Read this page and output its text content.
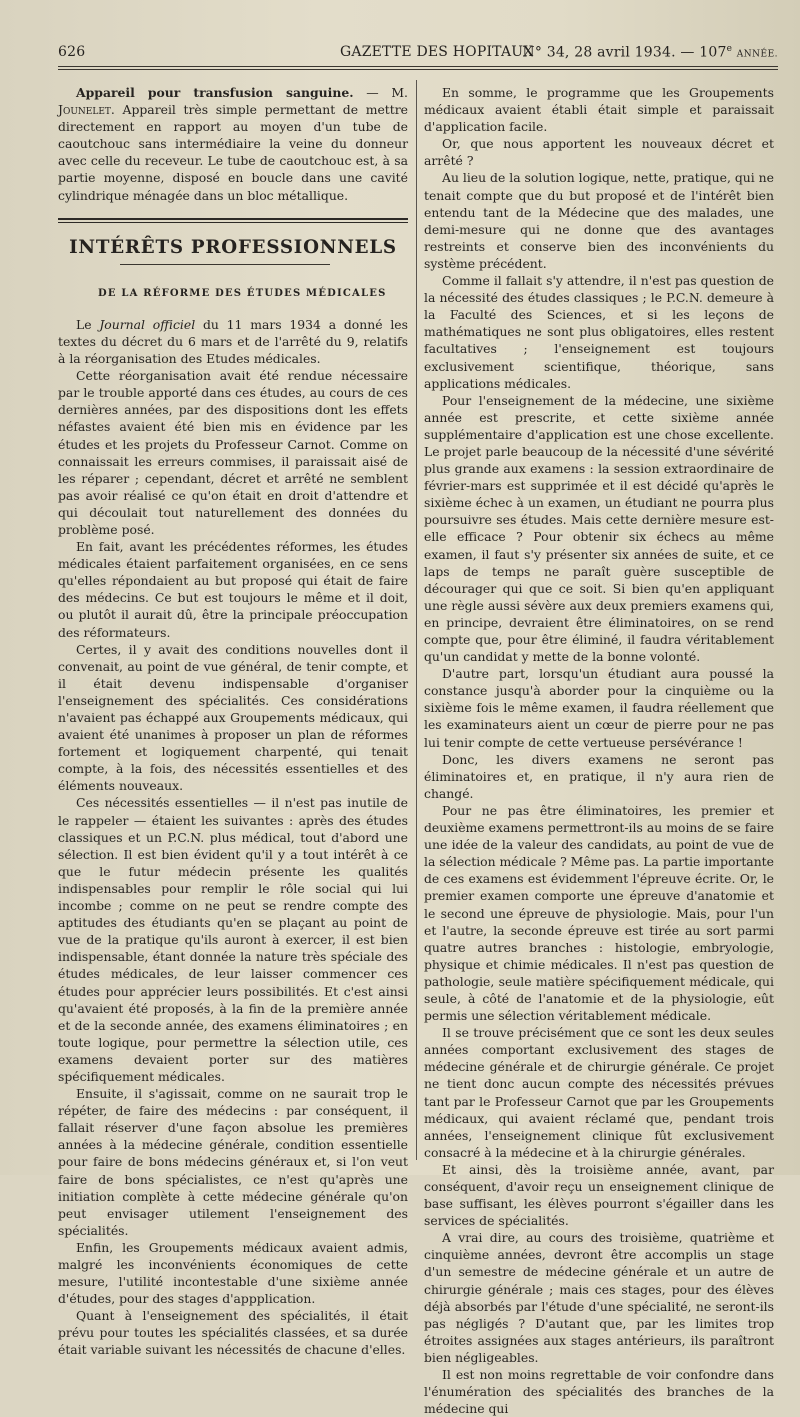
626	GAZETTE DES HOPITAUX
N° 34, 28 avril 1934. — 107e ANNÉE.

Appareil pour transfusion sanguine. — M. Jounelet. Appareil très simple permettant de mettre directement en rapport au moyen d'un tube de caoutchouc sans intermédiaire la veine du donneur avec celle du receveur. Le tube de caoutchouc est, à sa partie moyenne, disposé en boucle dans une cavité cylindrique ménagée dans un bloc métallique.

INTÉRÊTS PROFESSIONNELS
DE LA RÉFORME DES ÉTUDES MÉDICALES

Le Journal officiel du 11 mars 1934 a donné les textes du décret du 6 mars et de l'arrêté du 9, relatifs à la réorganisation des Etudes médicales.

Cette réorganisation avait été rendue nécessaire par le trouble apporté dans ces études, au cours de ces dernières années, par des dispositions dont les effets néfastes avaient été bien mis en évidence par les études et les projets du Professeur Carnot. Comme on connaissait les erreurs commises, il paraissait aisé de les réparer ; cependant, décret et arrêté ne semblent pas avoir réalisé ce qu'on était en droit d'attendre et qui découlait tout naturellement des données du problème posé.

En fait, avant les précédentes réformes, les études médicales étaient parfaitement organisées, en ce sens qu'elles répondaient au but proposé qui était de faire des médecins. Ce but est toujours le même et il doit, ou plutôt il aurait dû, être la principale préoccupation des réformateurs.

Certes, il y avait des conditions nouvelles dont il convenait, au point de vue général, de tenir compte, et il était devenu indispensable d'organiser l'enseignement des spécialités. Ces considérations n'avaient pas échappé aux Groupements médicaux, qui avaient été unanimes à proposer un plan de réformes fortement et logiquement charpenté, qui tenait compte, à la fois, des nécessités essentielles et des éléments nouveaux.

Ces nécessités essentielles — il n'est pas inutile de le rappeler — étaient les suivantes : après des études classiques et un P.C.N. plus médical, tout d'abord une sélection. Il est bien évident qu'il y a tout intérêt à ce que le futur médecin présente les qualités indispensables pour remplir le rôle social qui lui incombe ; comme on ne peut se rendre compte des aptitudes des étudiants qu'en se plaçant au point de vue de la pratique qu'ils auront à exercer, il est bien indispensable, étant donnée la nature très spéciale des études médicales, de leur laisser commencer ces études pour apprécier leurs possibilités. Et c'est ainsi qu'avaient été proposés, à la fin de la première année et de la seconde année, des examens éliminatoires ; en toute logique, pour permettre la sélection utile, ces examens devaient porter sur des matières spécifiquement médicales.

Ensuite, il s'agissait, comme on ne saurait trop le répéter, de faire des médecins : par conséquent, il fallait réserver d'une façon absolue les premières années à la médecine générale, condition essentielle pour faire de bons médecins généraux et, si l'on veut faire de bons spécialistes, ce n'est qu'après une initiation complète à cette médecine générale qu'on peut envisager utilement l'enseignement des spécialités.

Enfin, les Groupements médicaux avaient admis, malgré les inconvénients économiques de cette mesure, l'utilité incontestable d'une sixième année d'études, pour des stages d'appplication.

Quant à l'enseignement des spécialités, il était prévu pour toutes les spécialités classées, et sa durée était variable suivant les nécessités de chacune d'elles.

En somme, le programme que les Groupements médicaux avaient établi était simple et paraissait d'application facile.

Or, que nous apportent les nouveaux décret et arrêté ?

Au lieu de la solution logique, nette, pratique, qui ne tenait compte que du but proposé et de l'intérêt bien entendu tant de la Médecine que des malades, une demi-mesure qui ne donne que des avantages restreints et conserve bien des inconvénients du système précédent.

Comme il fallait s'y attendre, il n'est pas question de la nécessité des études classiques ; le P.C.N. demeure à la Faculté des Sciences, et si les leçons de mathématiques ne sont plus obligatoires, elles restent facultatives ; l'enseignement est toujours exclusivement scientifique, théorique, sans applications médicales.

Pour l'enseignement de la médecine, une sixième année est prescrite, et cette sixième année supplémentaire d'application est une chose excellente. Le projet parle beaucoup de la nécessité d'une sévérité plus grande aux examens : la session extraordinaire de février-mars est supprimée et il est décidé qu'après le sixième échec à un examen, un étudiant ne pourra plus poursuivre ses études. Mais cette dernière mesure est-elle efficace ? Pour obtenir six échecs au même examen, il faut s'y présenter six années de suite, et ce laps de temps ne paraît guère susceptible de décourager qui que ce soit. Si bien qu'en appliquant une règle aussi sévère aux deux premiers examens qui, en principe, devraient être éliminatoires, on se rend compte que, pour être éliminé, il faudra véritablement qu'un candidat y mette de la bonne volonté.

D'autre part, lorsqu'un étudiant aura poussé la constance jusqu'à aborder pour la cinquième ou la sixième fois le même examen, il faudra réellement que les examinateurs aient un cœur de pierre pour ne pas lui tenir compte de cette vertueuse persévérance !

Donc, les divers examens ne seront pas éliminatoires et, en pratique, il n'y aura rien de changé.

Pour ne pas être éliminatoires, les premier et deuxième examens permettront-ils au moins de se faire une idée de la valeur des candidats, au point de vue de la sélection médicale ? Même pas. La partie importante de ces examens est évidemment l'épreuve écrite. Or, le premier examen comporte une épreuve d'anatomie et le second une épreuve de physiologie. Mais, pour l'un et l'autre, la seconde épreuve est tirée au sort parmi quatre autres branches : histologie, embryologie, physique et chimie médicales. Il n'est pas question de pathologie, seule matière spécifiquement médicale, qui seule, à côté de l'anatomie et de la physiologie, eût permis une sélection véritablement médicale.

Il se trouve précisément que ce sont les deux seules années comportant exclusivement des stages de médecine générale et de chirurgie générale. Ce projet ne tient donc aucun compte des nécessités prévues tant par le Professeur Carnot que par les Groupements médicaux, qui avaient réclamé que, pendant trois années, l'enseignement clinique fût exclusivement consacré à la médecine et à la chirurgie générales.

Et ainsi, dès la troisième année, avant, par conséquent, d'avoir reçu un enseignement clinique de base suffisant, les élèves pourront s'égailler dans les services de spécialités.

A vrai dire, au cours des troisième, quatrième et cinquième années, devront être accomplis un stage d'un semestre de médecine générale et un autre de chirurgie générale ; mais ces stages, pour des élèves déjà absorbés par l'étude d'une spécialité, ne seront-ils pas négligés ? D'autant que, par les limites trop étroites assignées aux stages antérieurs, ils paraîtront bien négligeables.

Il est non moins regrettable de voir confondre dans l'énumération des spécialités des branches de la médecine qui
